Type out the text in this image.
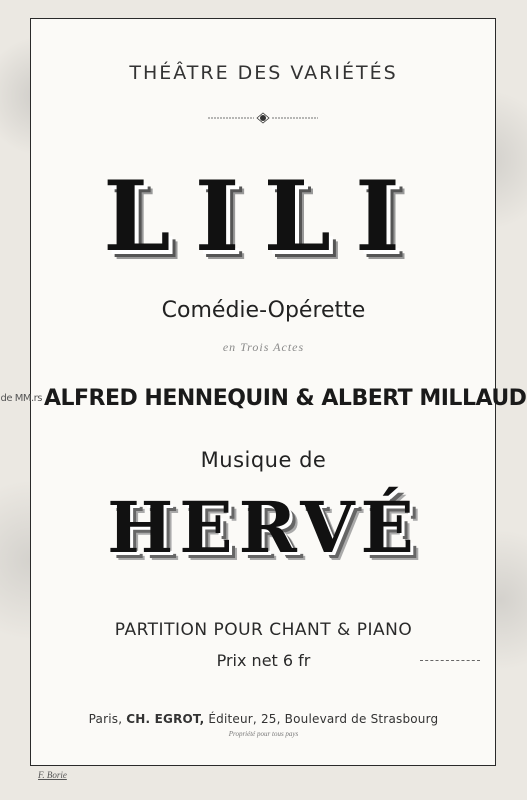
THÉÂTRE DES VARIÉTÉS
LILI
Comédie-Opérette
en Trois Actes
de MM.rsALFRED HENNEQUIN & ALBERT MILLAUD
Musique de
HERVÉ
PARTITION POUR CHANT & PIANO
Prix net 6 fr
Paris, CH. EGROT, Éditeur, 25, Boulevard de Strasbourg
Propriété pour tous pays
F. Borie
